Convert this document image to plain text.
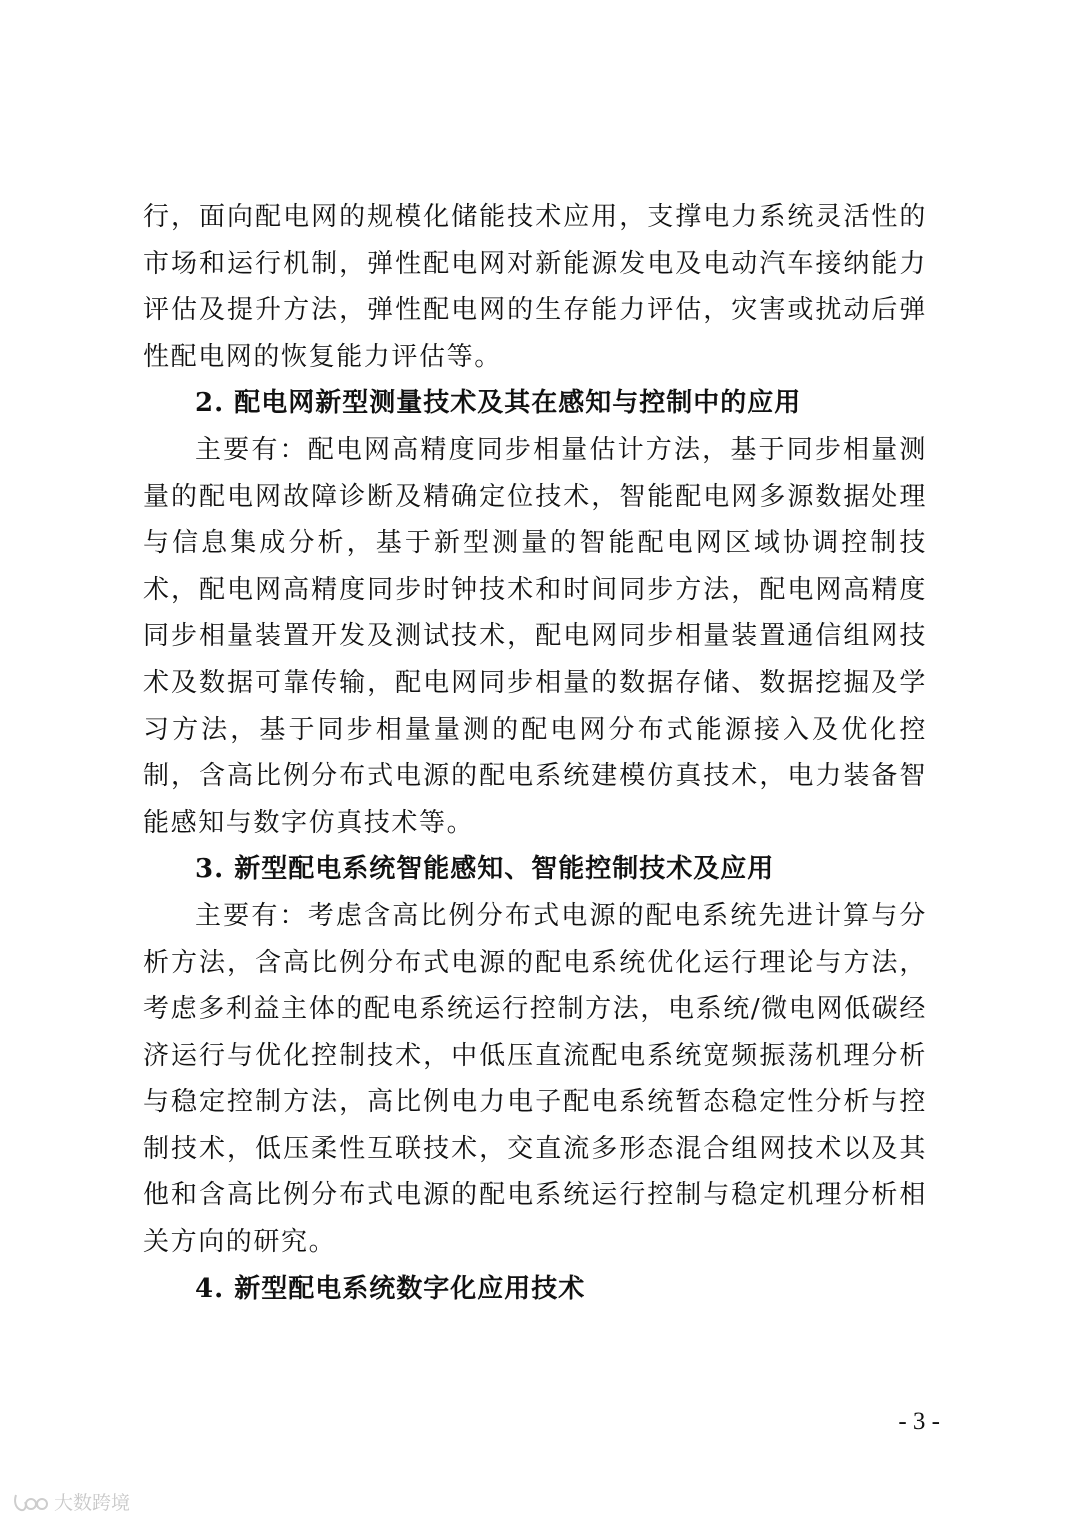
行，面向配电网的规模化储能技术应用，支撑电力系统灵活性的市场和运行机制，弹性配电网对新能源发电及电动汽车接纳能力评估及提升方法，弹性配电网的生存能力评估，灾害或扰动后弹性配电网的恢复能力评估等。

2. 配电网新型测量技术及其在感知与控制中的应用

主要有：配电网高精度同步相量估计方法，基于同步相量测量的配电网故障诊断及精确定位技术，智能配电网多源数据处理与信息集成分析，基于新型测量的智能配电网区域协调控制技术，配电网高精度同步时钟技术和时间同步方法，配电网高精度同步相量装置开发及测试技术，配电网同步相量装置通信组网技术及数据可靠传输，配电网同步相量的数据存储、数据挖掘及学习方法，基于同步相量量测的配电网分布式能源接入及优化控制，含高比例分布式电源的配电系统建模仿真技术，电力装备智能感知与数字仿真技术等。

3. 新型配电系统智能感知、智能控制技术及应用

主要有：考虑含高比例分布式电源的配电系统先进计算与分析方法，含高比例分布式电源的配电系统优化运行理论与方法，考虑多利益主体的配电系统运行控制方法，电系统/微电网低碳经济运行与优化控制技术，中低压直流配电系统宽频振荡机理分析与稳定控制方法，高比例电力电子配电系统暂态稳定性分析与控制技术，低压柔性互联技术，交直流多形态混合组网技术以及其他和含高比例分布式电源的配电系统运行控制与稳定机理分析相关方向的研究。

4. 新型配电系统数字化应用技术

- 3 -
大数跨境
